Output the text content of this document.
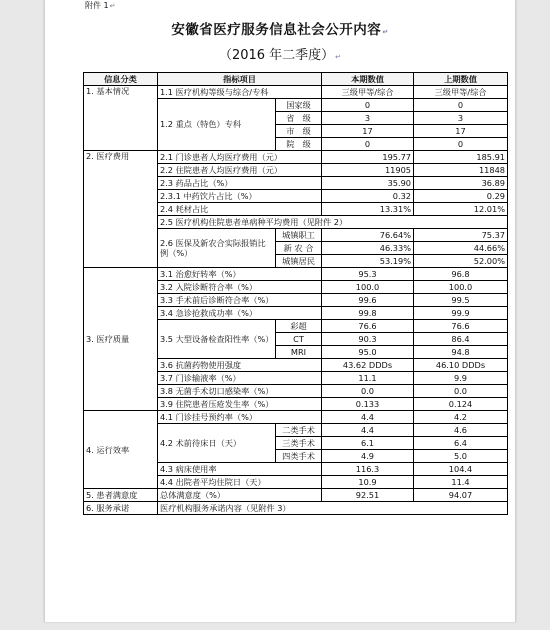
附件 1↵
安徽省医疗服务信息社会公开内容↵
（2016 年二季度）↵
信息分类	指标项目		本期数值	上期数值
1. 基本情况	1.1 医疗机构等级与综合/专科		三级甲等/综合	三级甲等/综合
	1.2 重点（特色）专科	国家级	0	0
		省　级	3	3
		市　级	17	17
		院　级	0	0
2. 医疗费用	2.1 门诊患者人均医疗费用（元）		195.77	185.91
	2.2 住院患者人均医疗费用（元）		11905	11848
	2.3 药品占比（%）		35.90	36.89
	2.3.1 中药饮片占比（%）		0.32	0.29
	2.4 耗材占比		13.31%	12.01%
	2.5 医疗机构住院患者单病种平均费用（见附件 2）			
	2.6 医保及新农合实际报销比例（%）	城镇职工	76.64%	75.37
		新 农 合	46.33%	44.66%
		城镇居民	53.19%	52.00%
3. 医疗质量	3.1 治愈好转率（%）		95.3	96.8
	3.2 入院诊断符合率（%）		100.0	100.0
	3.3 手术前后诊断符合率（%）		99.6	99.5
	3.4 急诊抢救成功率（%）		99.8	99.9
	3.5 大型设备检查阳性率（%）	彩超	76.6	76.6
		CT	90.3	86.4
		MRI	95.0	94.8
	3.6 抗菌药物使用强度		43.62 DDDs	46.10 DDDs
	3.7 门诊输液率（%）		11.1	9.9
	3.8 无菌手术切口感染率（%）		0.0	0.0
	3.9 住院患者压疮发生率（%）		0.133	0.124
4. 运行效率	4.1 门诊挂号预约率（%）		4.4	4.2
	4.2 术前待床日（天）	二类手术	4.4	4.6
		三类手术	6.1	6.4
		四类手术	4.9	5.0
	4.3 病床使用率		116.3	104.4
	4.4 出院者平均住院日（天）		10.9	11.4
5. 患者满意度	总体满意度（%）		92.51	94.07
6. 服务承诺	医疗机构服务承诺内容（见附件 3）			
